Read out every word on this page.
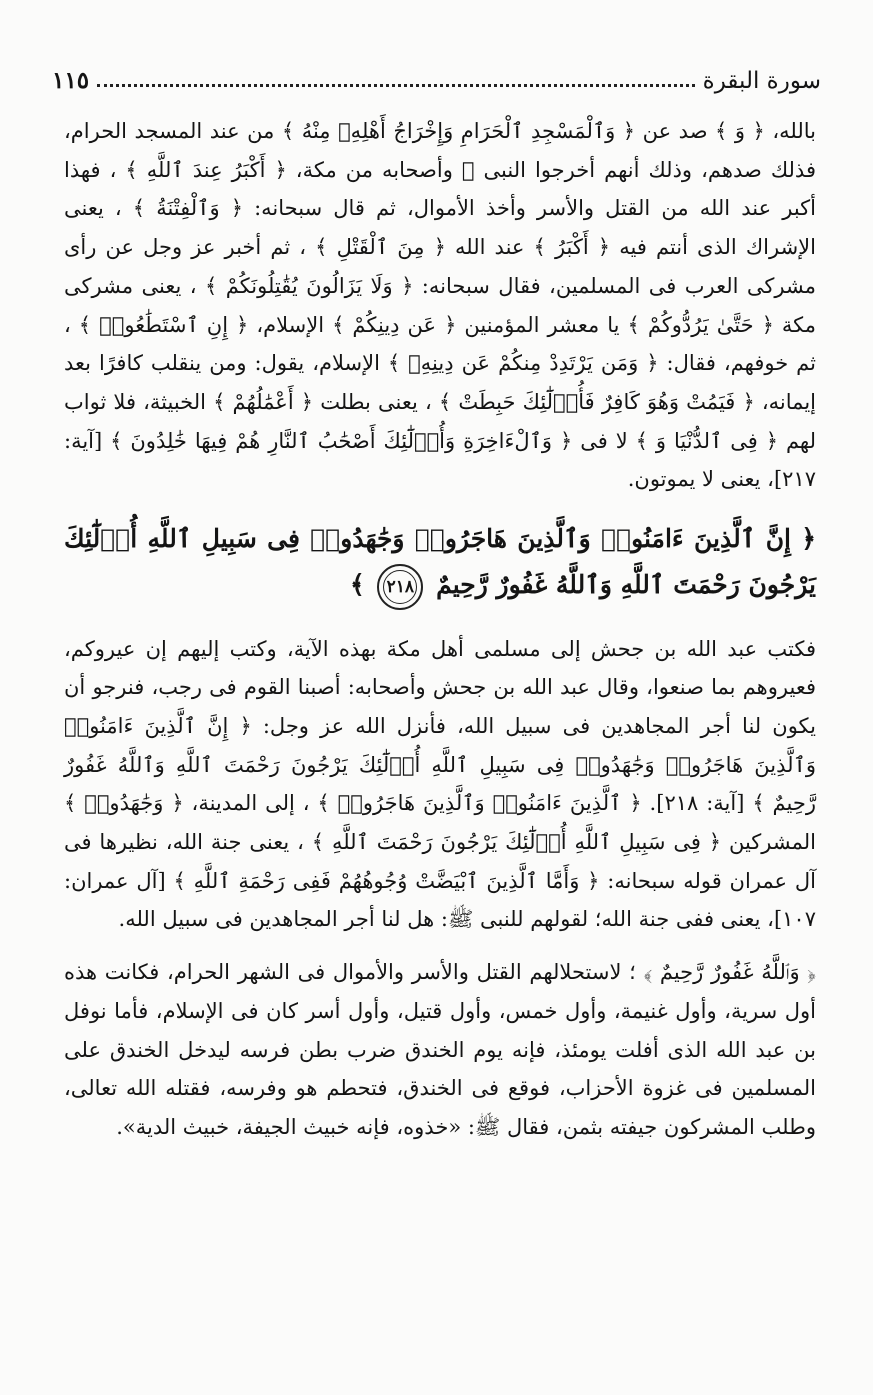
سورة البقرة
١١٥

بالله، ﴿ وَ ﴾ صد عن ﴿ وَٱلْمَسْجِدِ ٱلْحَرَامِ وَإِخْرَاجُ أَهْلِهِۦ مِنْهُ ﴾ من عند المسجد الحرام، فذلك صدهم، وذلك أنهم أخرجوا النبى ﷺ وأصحابه من مكة، ﴿ أَكْبَرُ عِندَ ٱللَّهِ ﴾ ، فهذا أكبر عند الله من القتل والأسر وأخذ الأموال، ثم قال سبحانه: ﴿ وَٱلْفِتْنَةُ ﴾ ، يعنى الإشراك الذى أنتم فيه ﴿ أَكْبَرُ ﴾ عند الله ﴿ مِنَ ٱلْقَتْلِ ﴾ ، ثم أخبر عز وجل عن رأى مشركى العرب فى المسلمين، فقال سبحانه: ﴿ وَلَا يَزَالُونَ يُقَٰتِلُونَكُمْ ﴾ ، يعنى مشركى مكة ﴿ حَتَّىٰ يَرُدُّوكُمْ ﴾ يا معشر المؤمنين ﴿ عَن دِينِكُمْ ﴾ الإسلام، ﴿ إِنِ ٱسْتَطَٰعُوا۟ ﴾ ، ثم خوفهم، فقال: ﴿ وَمَن يَرْتَدِدْ مِنكُمْ عَن دِينِهِۦ ﴾ الإسلام، يقول: ومن ينقلب كافرًا بعد إيمانه، ﴿ فَيَمُتْ وَهُوَ كَافِرٌ فَأُو۟لَٰٓئِكَ حَبِطَتْ ﴾ ، يعنى بطلت ﴿ أَعْمَٰلُهُمْ ﴾ الخبيثة، فلا ثواب لهم ﴿ فِى ٱلدُّنْيَا وَ ﴾ لا فى ﴿ وَٱلْءَاخِرَةِ وَأُو۟لَٰٓئِكَ أَصْحَٰبُ ٱلنَّارِ هُمْ فِيهَا خَٰلِدُونَ ﴾ [آية: ٢١٧]، يعنى لا يموتون.

﴿ إِنَّ ٱلَّذِينَ ءَامَنُوا۟ وَٱلَّذِينَ هَاجَرُوا۟ وَجَٰهَدُوا۟ فِى سَبِيلِ ٱللَّهِ أُو۟لَٰٓئِكَ يَرْجُونَ رَحْمَتَ ٱللَّهِ وَٱللَّهُ غَفُورٌ رَّحِيمٌ ٢١٨ ﴾

فكتب عبد الله بن جحش إلى مسلمى أهل مكة بهذه الآية، وكتب إليهم إن عيروكم، فعيروهم بما صنعوا، وقال عبد الله بن جحش وأصحابه: أصبنا القوم فى رجب، فنرجو أن يكون لنا أجر المجاهدين فى سبيل الله، فأنزل الله عز وجل: ﴿ إِنَّ ٱلَّذِينَ ءَامَنُوا۟ وَٱلَّذِينَ هَاجَرُوا۟ وَجَٰهَدُوا۟ فِى سَبِيلِ ٱللَّهِ أُو۟لَٰٓئِكَ يَرْجُونَ رَحْمَتَ ٱللَّهِ وَٱللَّهُ غَفُورٌ رَّحِيمٌ ﴾ [آية: ٢١٨]. ﴿ ٱلَّذِينَ ءَامَنُوا۟ وَٱلَّذِينَ هَاجَرُوا۟ ﴾ ، إلى المدينة، ﴿ وَجَٰهَدُوا۟ ﴾ المشركين ﴿ فِى سَبِيلِ ٱللَّهِ أُو۟لَٰٓئِكَ يَرْجُونَ رَحْمَتَ ٱللَّهِ ﴾ ، يعنى جنة الله، نظيرها فى آل عمران قوله سبحانه: ﴿ وَأَمَّا ٱلَّذِينَ ٱبْيَضَّتْ وُجُوهُهُمْ فَفِى رَحْمَةِ ٱللَّهِ ﴾ [آل عمران: ١٠٧]، يعنى ففى جنة الله؛ لقولهم للنبى ﷺ: هل لنا أجر المجاهدين فى سبيل الله.

﴿ وَٱللَّهُ غَفُورٌ رَّحِيمٌ ﴾ ؛ لاستحلالهم القتل والأسر والأموال فى الشهر الحرام، فكانت هذه أول سرية، وأول غنيمة، وأول خمس، وأول قتيل، وأول أسر كان فى الإسلام، فأما نوفل بن عبد الله الذى أفلت يومئذ، فإنه يوم الخندق ضرب بطن فرسه ليدخل الخندق على المسلمين فى غزوة الأحزاب، فوقع فى الخندق، فتحطم هو وفرسه، فقتله الله تعالى، وطلب المشركون جيفته بثمن، فقال ﷺ: «خذوه، فإنه خبيث الجيفة، خبيث الدية».
